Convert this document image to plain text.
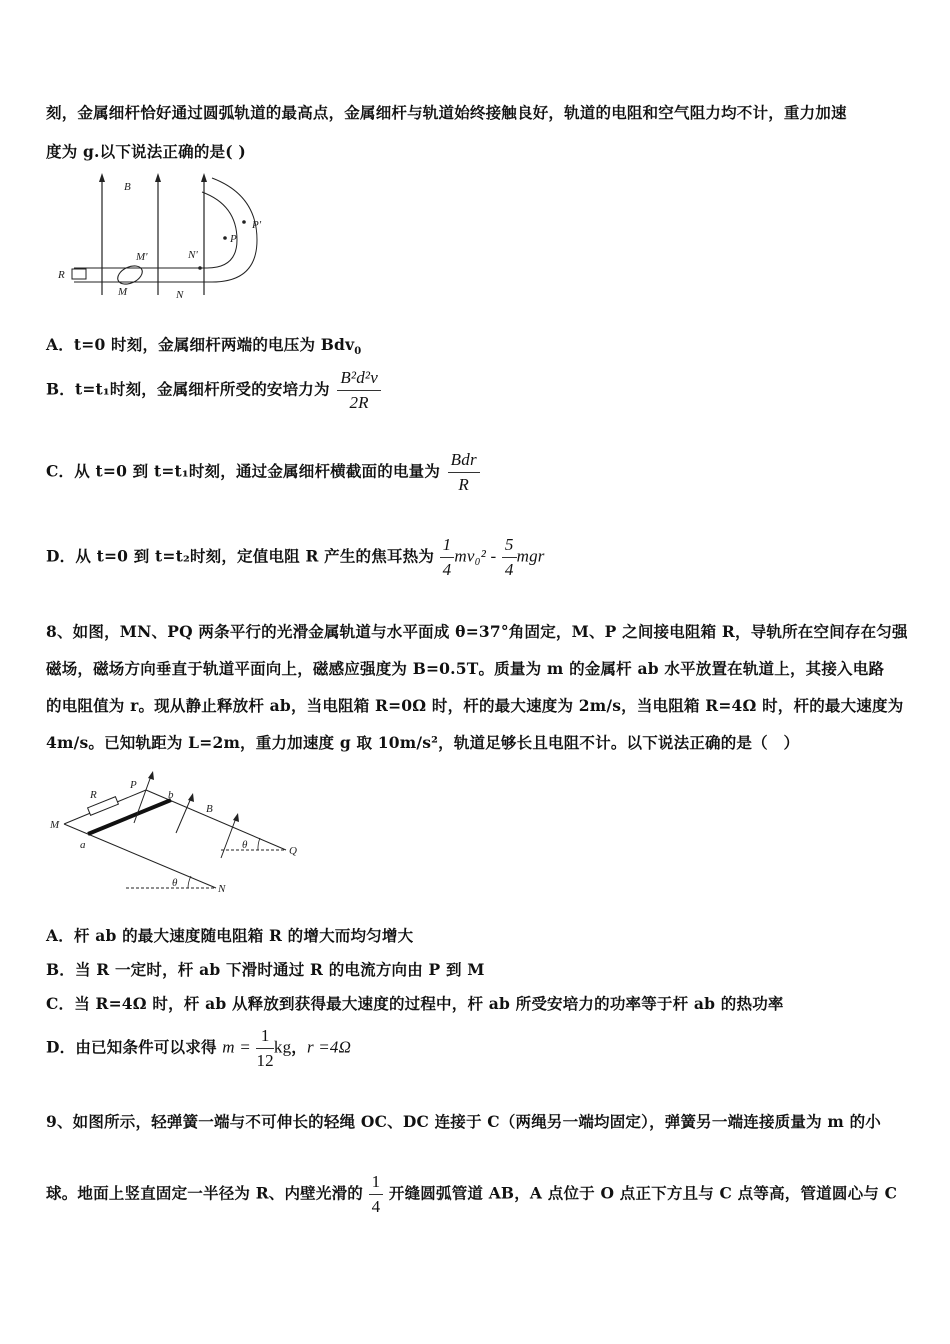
刻，金属细杆恰好通过圆弧轨道的最高点，金属细杆与轨道始终接触良好，轨道的电阻和空气阻力均不计，重力加速
度为 g.以下说法正确的是( )
B
R
M
M'
N
N'
P
P'
A．t=0 时刻，金属细杆两端的电压为 Bdv$_0$
B．t=t₁时刻，金属细杆所受的安培力为 $\frac{\text{B²d²v}}{2R}$
C．从 t=0 到 t=t₁时刻，通过金属细杆横截面的电量为 $\frac{\text{Bdr}}{R}$
D．从 t=0 到 t=t₂时刻，定值电阻 R 产生的焦耳热为 $\frac{1}{4} mv_0^2 - \frac{5}{4}$ mgr
8、如图，MN、PQ 两条平行的光滑金属轨道与水平面成 θ=37°角固定，M、P 之间接电阻箱 R，导轨所在空间存在匀强
磁场，磁场方向垂直于轨道平面向上，磁感应强度为 B=0.5T。质量为 m 的金属杆 ab 水平放置在轨道上，其接入电路
的电阻值为 r。现从静止释放杆 ab，当电阻箱 R=0Ω 时，杆的最大速度为 2m/s，当电阻箱 R=4Ω 时，杆的最大速度为
4m/s。已知轨距为 L=2m，重力加速度 g 取 10m/s²，轨道足够长且电阻不计。以下说法正确的是（　）
P
b
B
R
M
a	Q
N
θ
θ
A．杆 ab 的最大速度随电阻箱 R 的增大而均匀增大
B．当 R 一定时，杆 ab 下滑时通过 R 的电流方向由 P 到 M
C．当 R=4Ω 时，杆 ab 从释放到获得最大速度的过程中，杆 ab 所受安培力的功率等于杆 ab 的热功率
D．由已知条件可以求得 $m = \frac{1}{12}$ kg，r =4Ω
9、如图所示，轻弹簧一端与不可伸长的轻绳 OC、DC 连接于 C（两绳另一端均固定），弹簧另一端连接质量为 m 的小
球。地面上竖直固定一半径为 R、内壁光滑的 $\frac{1}{4}$ 开缝圆弧管道 AB，A 点位于 O 点正下方且与 C 点等高，管道圆心与 C
